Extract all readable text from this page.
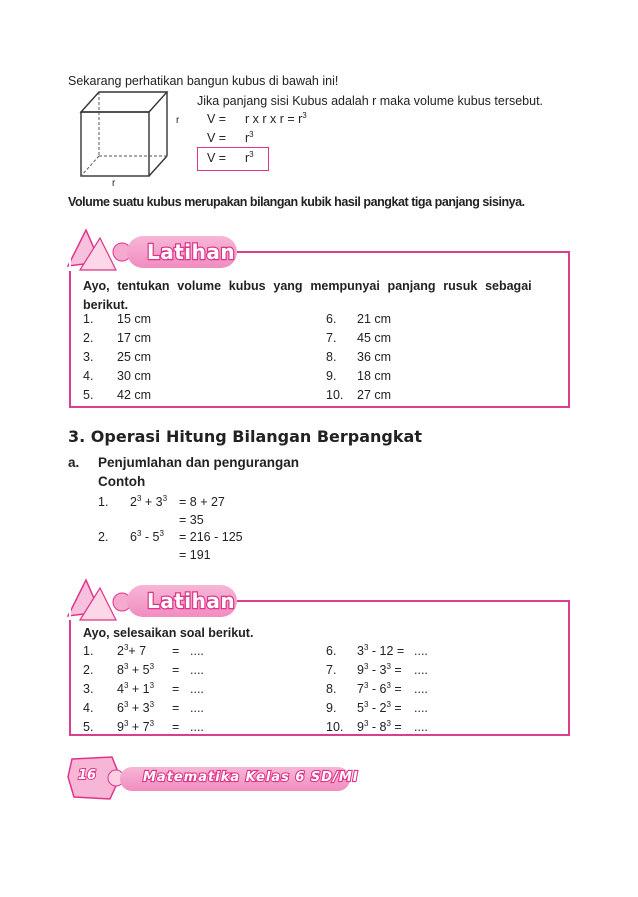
Sekarang perhatikan bangun kubus di bawah ini!
Jika panjang sisi Kubus adalah r maka volume kubus tersebut.
r
r
V = r x r x $r = r^3$
$V = r^3$
$V = r^3$
Volume suatu kubus merupakan bilangan kubik hasil pangkat tiga panjang sisinya.
Latihan
Ayo, tentukan volume kubus yang mempunyai panjang rusuk sebagai
berikut.
1. 15 cm
2. 17 cm
3. 25 cm
4. 30 cm
5. 42 cm
6. 21 cm
7. 45 cm
8. 36 cm
9. 18 cm
10. 27 cm
3. Operasi Hitung Bilangan Berpangkat
a. Penjumlahan dan pengurangan
Contoh
1. $2^3 + 3^3 = 8 + 27$
= 35
2. $6^3 - 5^3 = 216 - 125$
= 191
Latihan
Ayo, selesaikan soal berikut.
1. $2^3+ 7$ = ....
2. $8^3 + 5^3$ = ....
3. $4^3 + 1^3$ = ....
4. $6^3 + 3^3$ = ....
5. $9^3 + 7^3$ = ....
6. $3^3 - 12$ = ....
7. $9^3 - 3^3$ = ....
8. $7^3 - 6^3$ = ....
9. $5^3 - 2^3$ = ....
10. $9^3 - 8^3$ = ....
16	Matematika Kelas 6 SD/MI
